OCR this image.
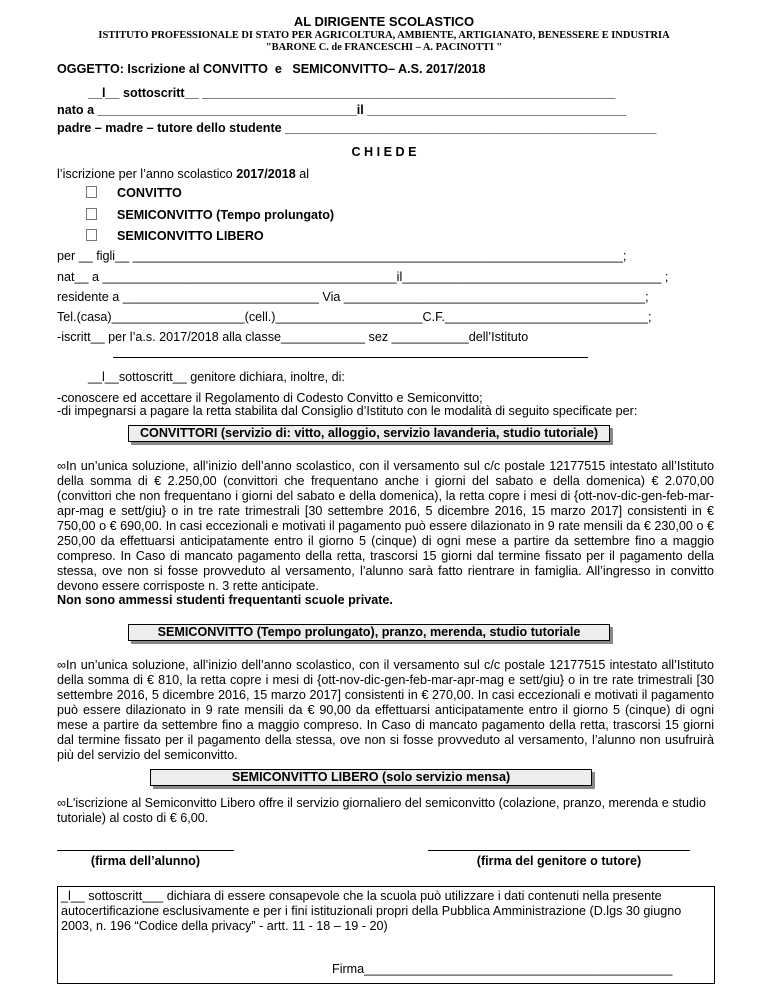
AL DIRIGENTE SCOLASTICO
ISTITUTO PROFESSIONALE DI STATO PER AGRICOLTURA, AMBIENTE, ARTIGIANATO, BENESSERE E INDUSTRIA
"BARONE C. de FRANCESCHI – A. PACINOTTI "
OGGETTO: Iscrizione al CONVITTO  e   SEMICONVITTO– A.S. 2017/2018
__l__ sottoscritt__ ___________________________________________________________
nato a _____________________________________il _____________________________________
padre – madre – tutore dello studente _____________________________________________________
C H I E D E
l’iscrizione per l’anno scolastico 2017/2018 al
CONVITTO
SEMICONVITTO (Tempo prolungato)
SEMICONVITTO LIBERO
per __ figli__ ______________________________________________________________________;
nat__ a __________________________________________il_____________________________________ ;
residente a ____________________________ Via ___________________________________________;
Tel.(casa)___________________(cell.)_____________________C.F._____________________________;
-iscritt__ per l’a.s. 2017/2018 alla classe____________ sez ___________dell’Istituto
__l__sottoscritt__ genitore dichiara, inoltre, di:
-conoscere ed accettare il Regolamento di Codesto Convitto e Semiconvitto;
-di impegnarsi a pagare la retta stabilita dal Consiglio d’Istituto con le modalità di seguito specificate per:
CONVITTORI (servizio di: vitto, alloggio, servizio lavanderia, studio tutoriale)
∞In un’unica soluzione, all’inizio dell’anno scolastico, con il versamento sul c/c postale 12177515 intestato all’Istituto della somma di € 2.250,00 (convittori che frequentano anche i giorni del sabato e della domenica) € 2.070,00 (convittori che non frequentano i giorni del sabato e della domenica), la retta copre i mesi di {ott-nov-dic-gen-feb-mar-apr-mag e sett/giu} o in tre rate trimestrali [30 settembre 2016, 5 dicembre 2016, 15 marzo 2017] consistenti in € 750,00 o € 690,00. In casi eccezionali e motivati il pagamento può essere dilazionato in 9 rate mensili da € 230,00 o € 250,00 da effettuarsi anticipatamente entro il giorno 5 (cinque) di ogni mese a partire da settembre fino a maggio compreso. In Caso di mancato pagamento della retta, trascorsi 15 giorni dal termine fissato per il pagamento della stessa, ove non si fosse provveduto al versamento, l’alunno sarà fatto rientrare in famiglia. All’ingresso in convitto devono essere corrisposte n. 3 rette anticipate.
Non sono ammessi studenti frequentanti scuole private.
SEMICONVITTO (Tempo prolungato), pranzo, merenda, studio tutoriale
∞In un’unica soluzione, all’inizio dell’anno scolastico, con il versamento sul c/c postale 12177515 intestato all’Istituto della somma di € 810, la retta copre i mesi di {ott-nov-dic-gen-feb-mar-apr-mag e sett/giu} o in tre rate trimestrali [30 settembre 2016, 5 dicembre 2016, 15 marzo 2017] consistenti in € 270,00. In casi eccezionali e motivati il pagamento può essere dilazionato in 9 rate mensili da € 90,00 da effettuarsi anticipatamente entro il giorno 5 (cinque) di ogni mese a partire da settembre fino a maggio compreso. In Caso di mancato pagamento della retta, trascorsi 15 giorni dal termine fissato per il pagamento della stessa, ove non si fosse provveduto al versamento, l’alunno non usufruirà più del servizio del semiconvitto.
SEMICONVITTO LIBERO (solo servizio mensa)
∞L'iscrizione al Semiconvitto Libero offre il servizio giornaliero del semiconvitto (colazione, pranzo, merenda e studio tutoriale) al costo di € 6,00.
(firma dell’alunno)	(firma del genitore o tutore)
_l__ sottoscritt___ dichiara di essere consapevole che la scuola può utilizzare i dati contenuti nella presente autocertificazione esclusivamente e per i fini istituzionali propri della Pubblica Amministrazione (D.lgs 30 giugno 2003, n. 196 “Codice della privacy” - artt. 11 - 18 – 19 - 20)
Firma____________________________________________
